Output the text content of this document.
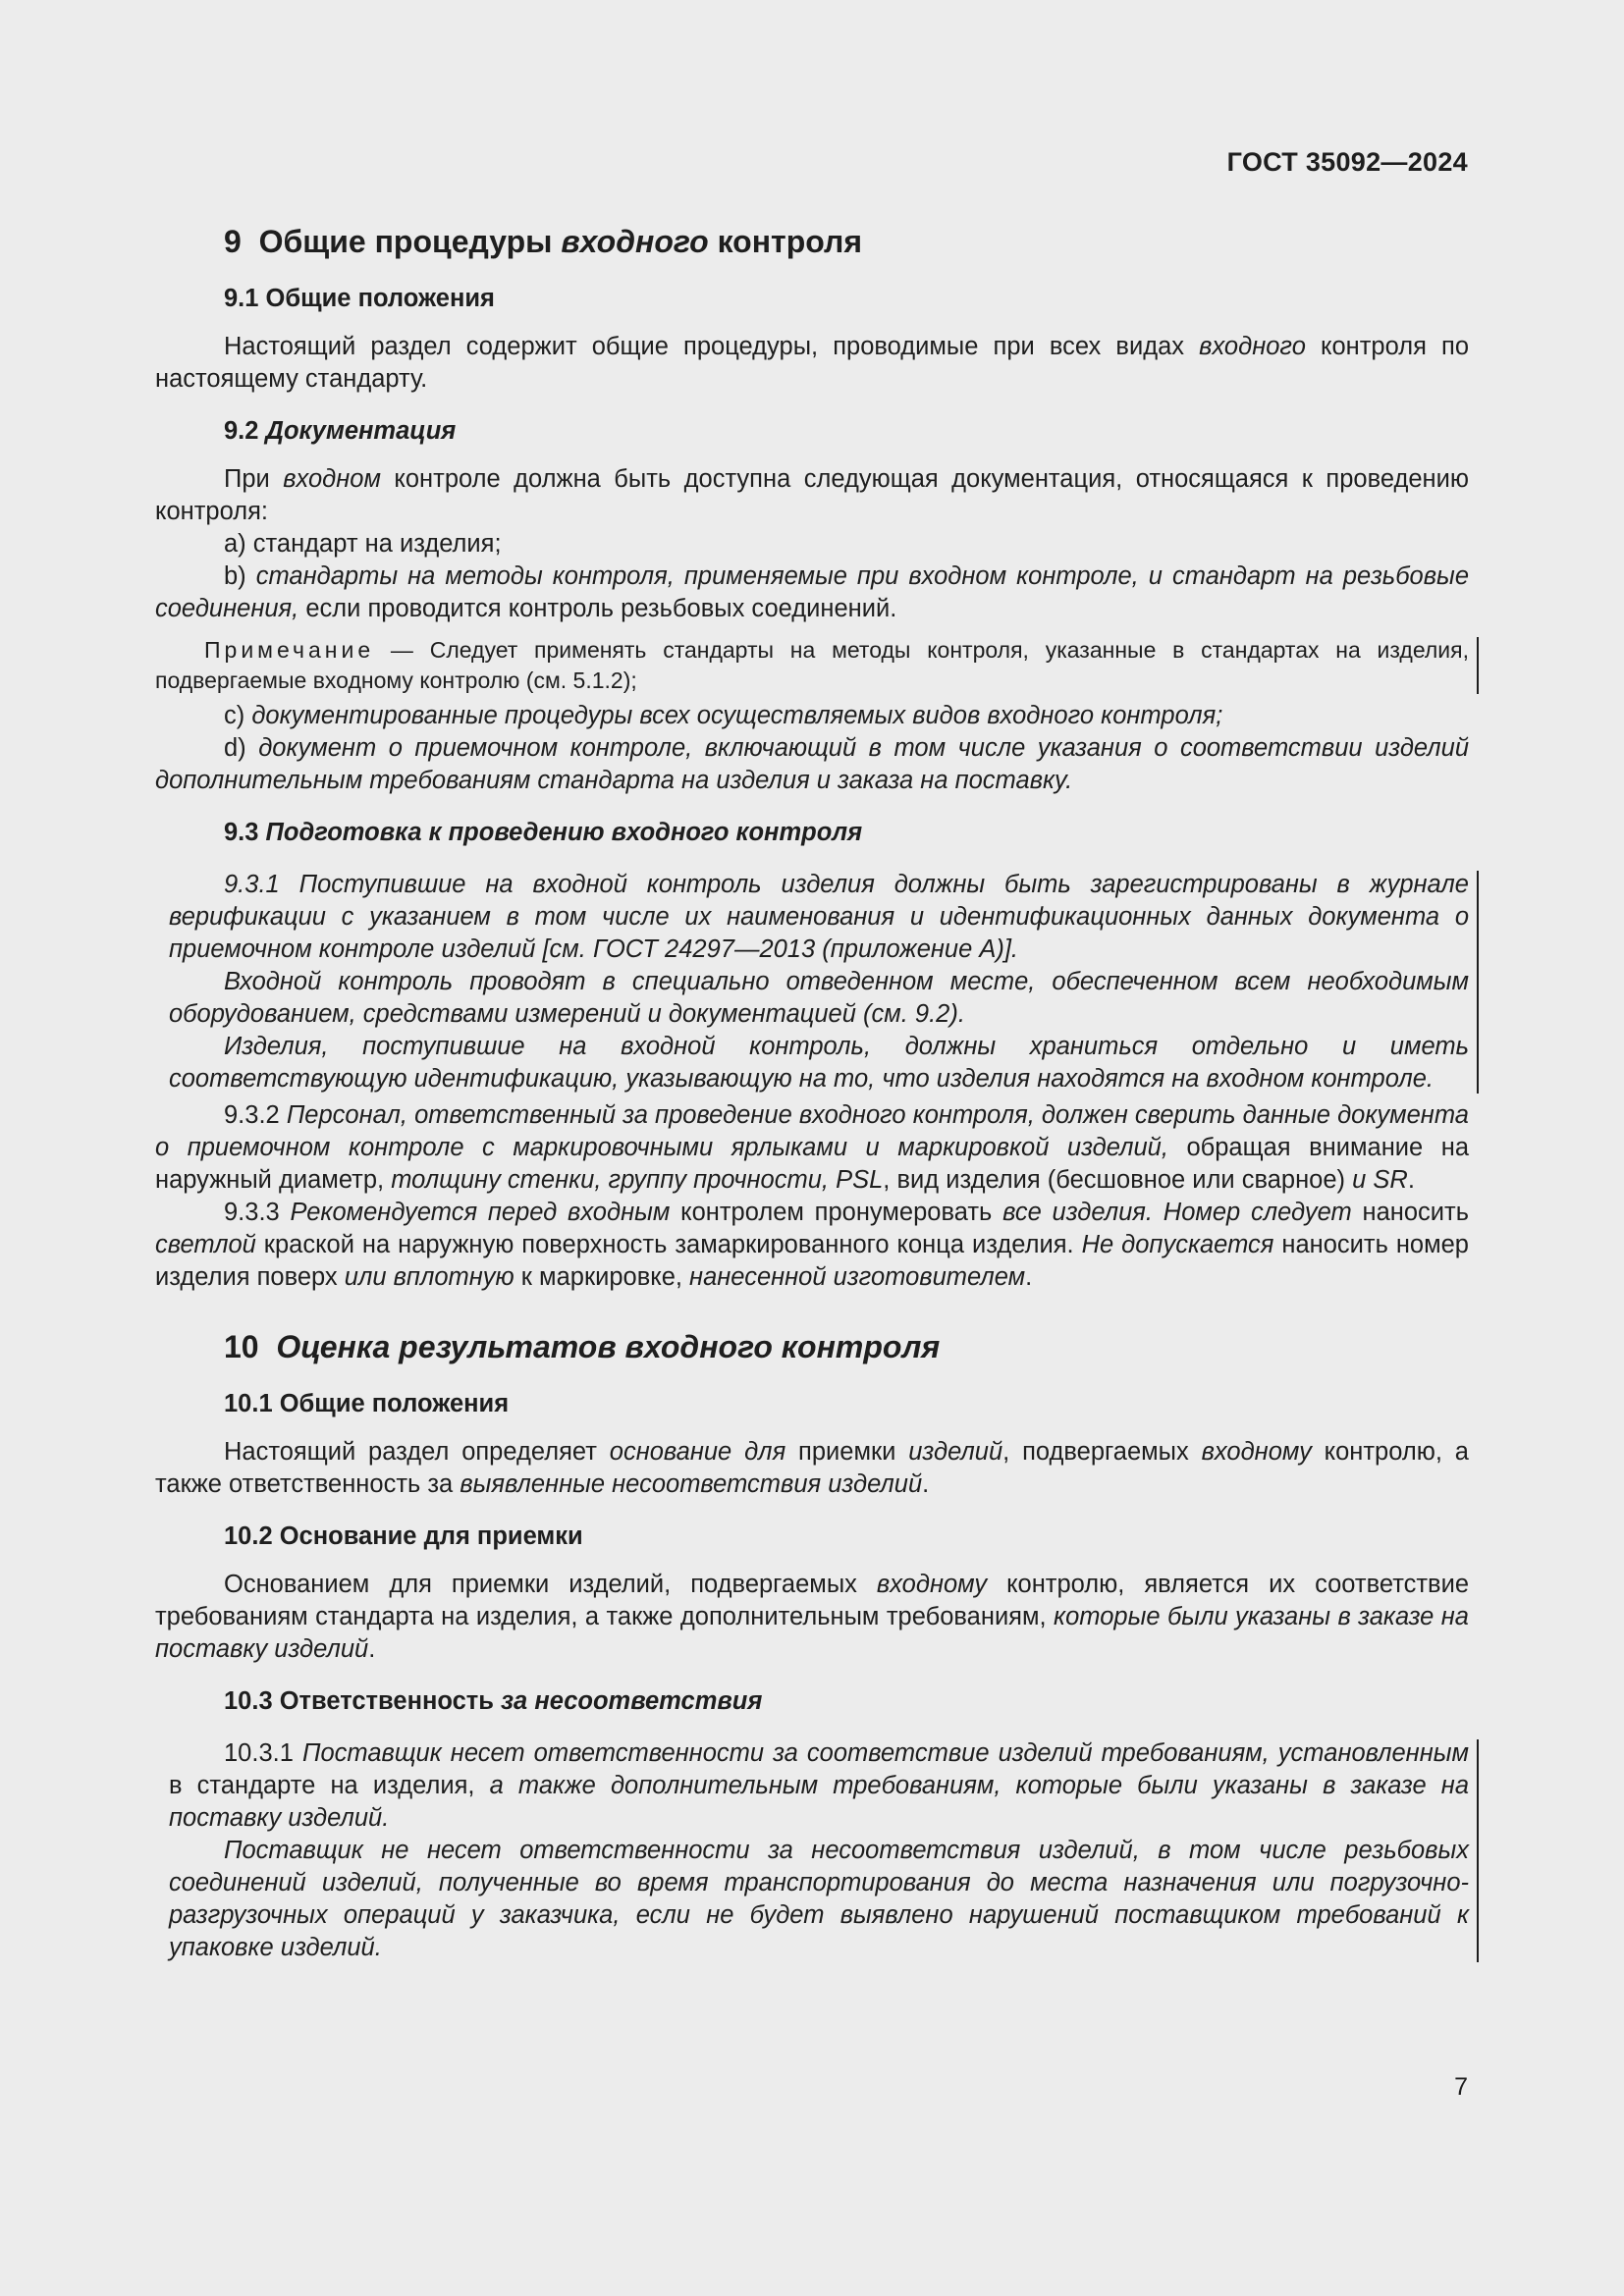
ГОСТ 35092—2024
9 Общие процедуры входного контроля
9.1 Общие положения

Настоящий раздел содержит общие процедуры, проводимые при всех видах входного контроля по настоящему стандарту.

9.2 Документация

При входном контроле должна быть доступна следующая документация, относящаяся к проведению контроля:

а) стандарт на изделия;

b) стандарты на методы контроля, применяемые при входном контроле, и стандарт на резьбовые соединения, если проводится контроль резьбовых соединений.

Примечание — Следует применять стандарты на методы контроля, указанные в стандартах на изделия, подвергаемые входному контролю (см. 5.1.2);

c) документированные процедуры всех осуществляемых видов входного контроля;

d) документ о приемочном контроле, включающий в том числе указания о соответствии изделий дополнительным требованиям стандарта на изделия и заказа на поставку.

9.3 Подготовка к проведению входного контроля

9.3.1 Поступившие на входной контроль изделия должны быть зарегистрированы в журнале верификации с указанием в том числе их наименования и идентификационных данных документа о приемочном контроле изделий [см. ГОСТ 24297—2013 (приложение А)].

Входной контроль проводят в специально отведенном месте, обеспеченном всем необходимым оборудованием, средствами измерений и документацией (см. 9.2).

Изделия, поступившие на входной контроль, должны храниться отдельно и иметь соответствующую идентификацию, указывающую на то, что изделия находятся на входном контроле.

9.3.2 Персонал, ответственный за проведение входного контроля, должен сверить данные документа о приемочном контроле с маркировочными ярлыками и маркировкой изделий, обращая внимание на наружный диаметр, толщину стенки, группу прочности, PSL, вид изделия (бесшовное или сварное) и SR.

9.3.3 Рекомендуется перед входным контролем пронумеровать все изделия. Номер следует наносить светлой краской на наружную поверхность замаркированного конца изделия. Не допускается наносить номер изделия поверх или вплотную к маркировке, нанесенной изготовителем.

10 Оценка результатов входного контроля
10.1 Общие положения

Настоящий раздел определяет основание для приемки изделий, подвергаемых входному контролю, а также ответственность за выявленные несоответствия изделий.

10.2 Основание для приемки

Основанием для приемки изделий, подвергаемых входному контролю, является их соответствие требованиям стандарта на изделия, а также дополнительным требованиям, которые были указаны в заказе на поставку изделий.

10.3 Ответственность за несоответствия

10.3.1 Поставщик несет ответственности за соответствие изделий требованиям, установленным в стандарте на изделия, а также дополнительным требованиям, которые были указаны в заказе на поставку изделий.

Поставщик не несет ответственности за несоответствия изделий, в том числе резьбовых соединений изделий, полученные во время транспортирования до места назначения или погрузочно-разгрузочных операций у заказчика, если не будет выявлено нарушений поставщиком требований к упаковке изделий.

7
